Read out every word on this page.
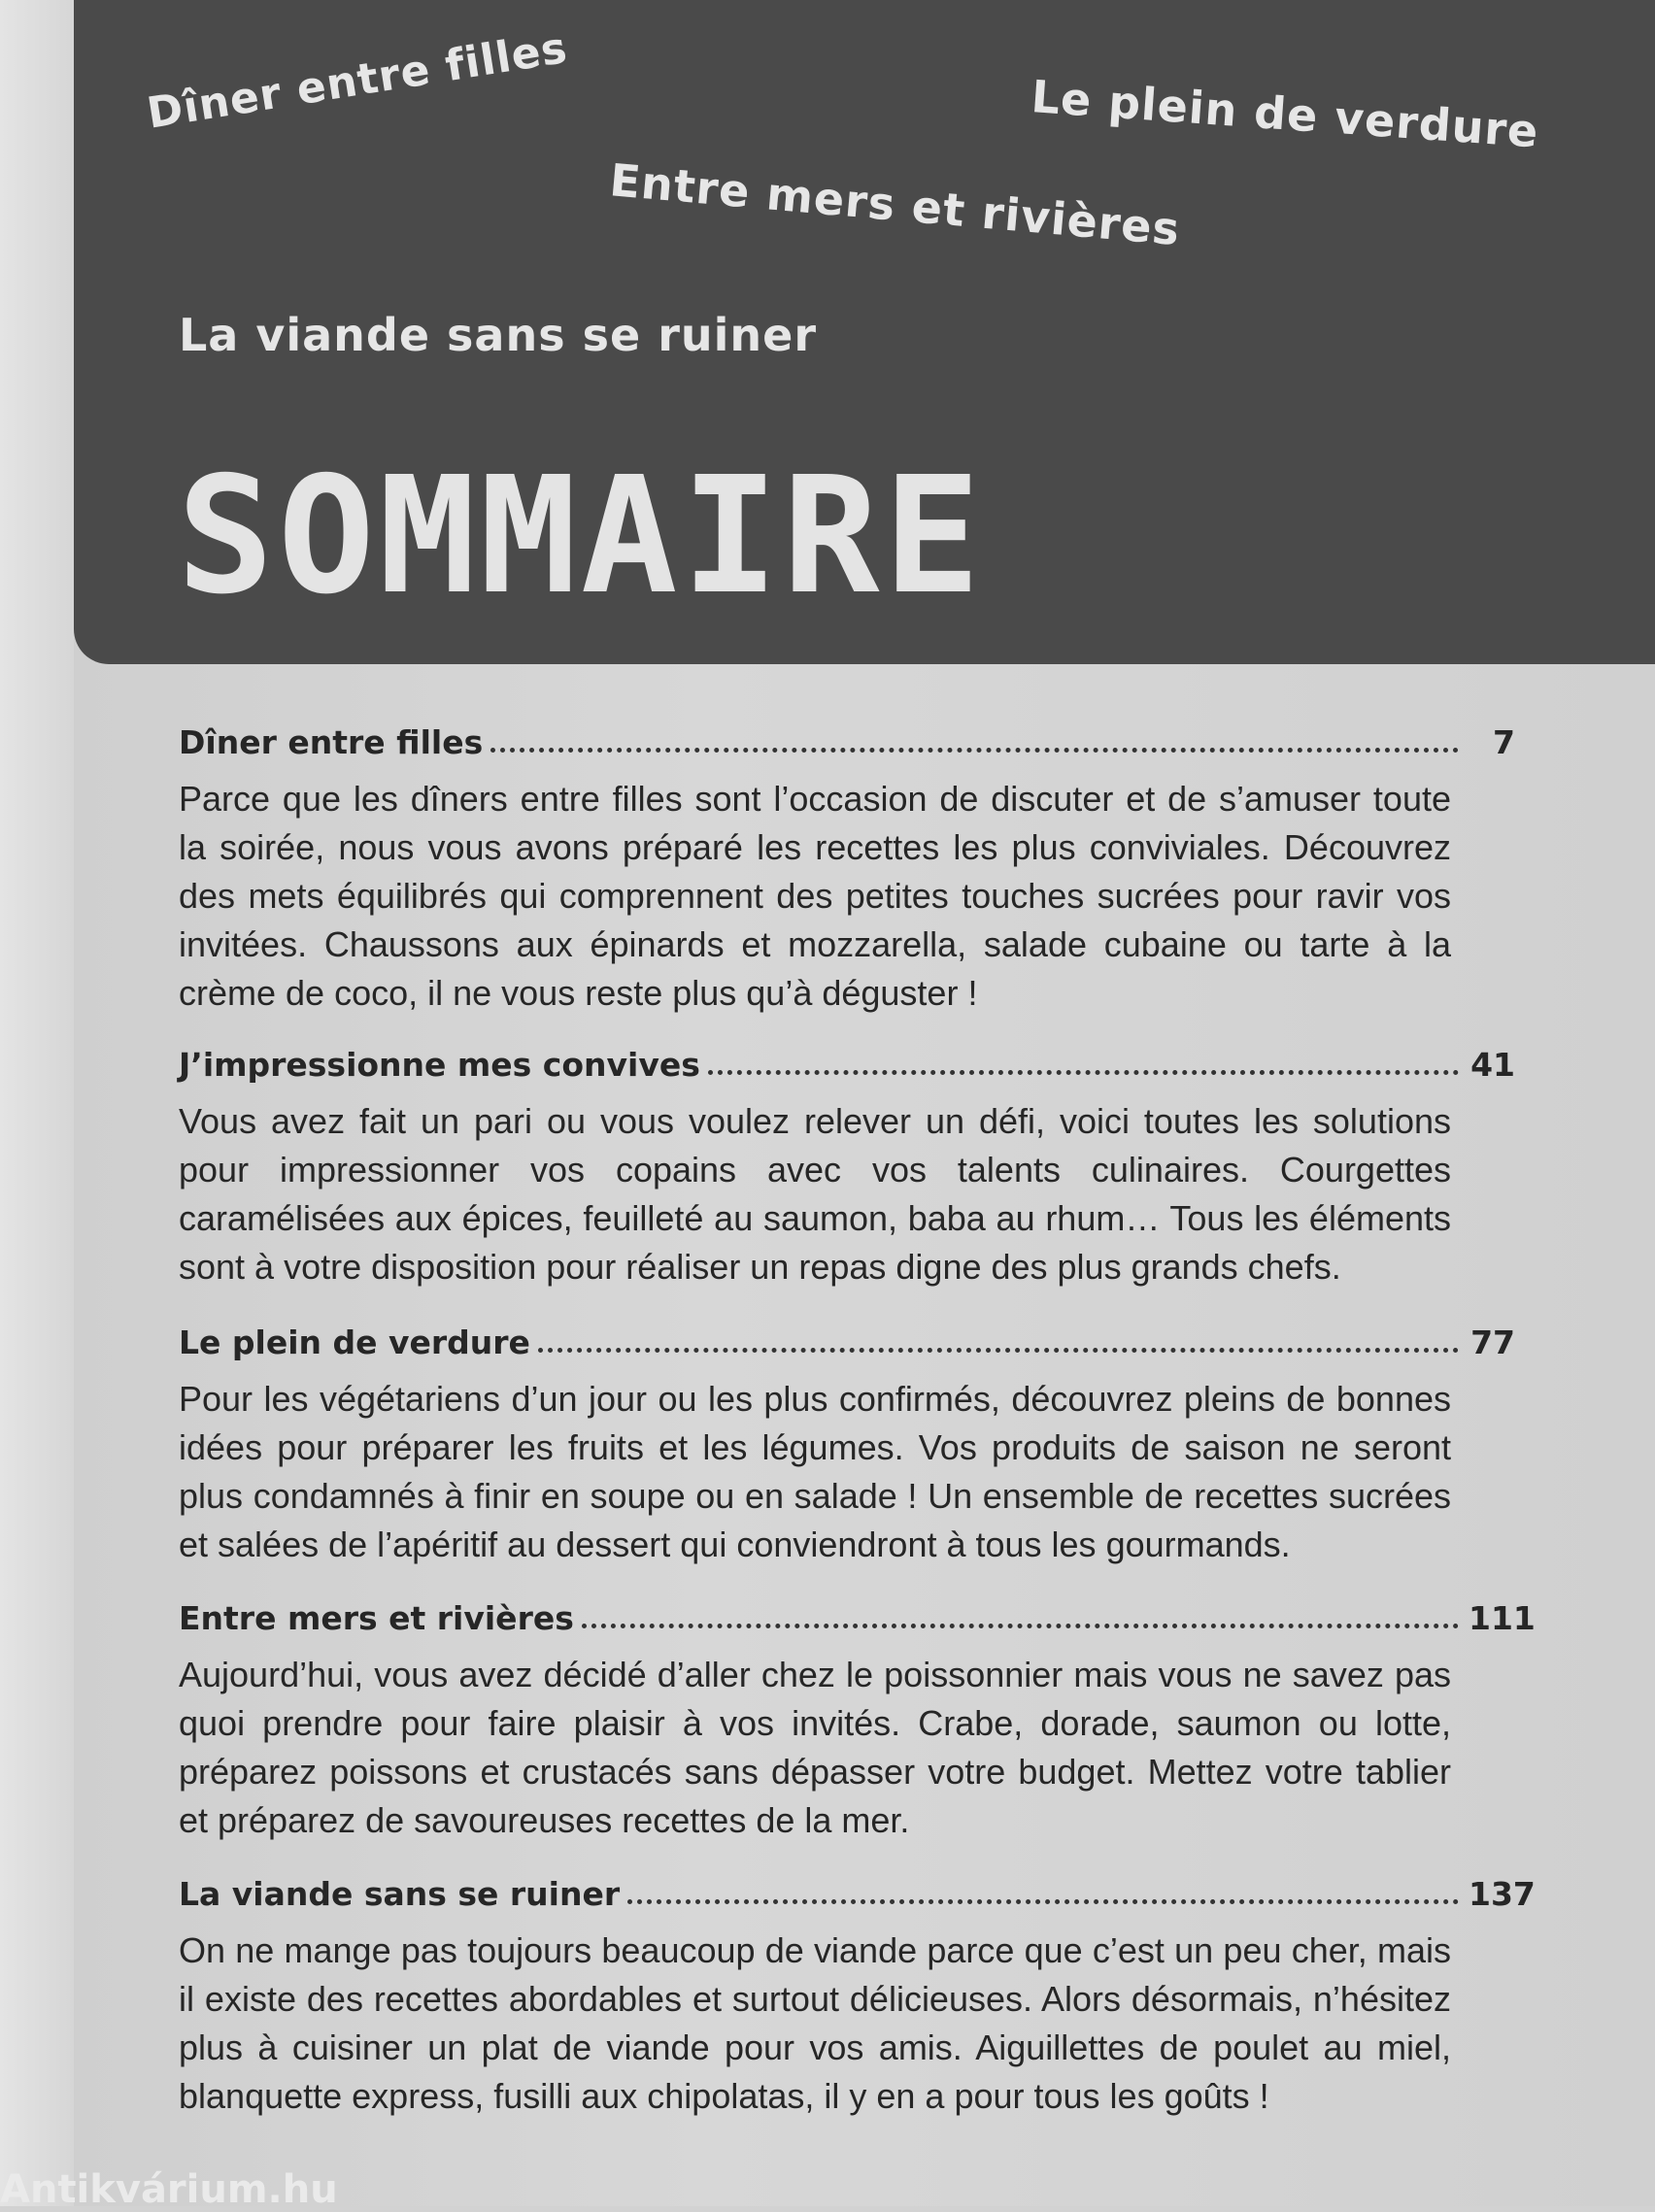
Dîner entre filles	Le plein de verdure
Entre mers et rivières
La viande sans se ruiner
SOMMAIRE
Dîner entre filles	7

Parce que les dîners entre filles sont l’occasion de discuter et de s’amuser toute la soirée, nous vous avons préparé les recettes les plus conviviales. Découvrez des mets équilibrés qui comprennent des petites touches sucrées pour ravir vos invitées. Chaussons aux épinards et mozzarella, salade cubaine ou tarte à la crème de coco, il ne vous reste plus qu’à déguster !

J’impressionne mes convives	41

Vous avez fait un pari ou vous voulez relever un défi, voici toutes les solutions pour impressionner vos copains avec vos talents culinaires. Courgettes caramélisées aux épices, feuilleté au saumon, baba au rhum… Tous les éléments sont à votre disposition pour réaliser un repas digne des plus grands chefs.

Le plein de verdure	77

Pour les végétariens d’un jour ou les plus confirmés, découvrez pleins de bonnes idées pour préparer les fruits et les légumes. Vos produits de saison ne seront plus condamnés à finir en soupe ou en salade ! Un ensemble de recettes sucrées et salées de l’apéritif au dessert qui conviendront à tous les gourmands.

Entre mers et rivières	111

Aujourd’hui, vous avez décidé d’aller chez le poissonnier mais vous ne savez pas quoi prendre pour faire plaisir à vos invités. Crabe, dorade, saumon ou lotte, préparez poissons et crustacés sans dépasser votre budget. Mettez votre tablier et préparez de savoureuses recettes de la mer.

La viande sans se ruiner	137

On ne mange pas toujours beaucoup de viande parce que c’est un peu cher, mais il existe des recettes abordables et surtout délicieuses. Alors désormais, n’hésitez plus à cuisiner un plat de viande pour vos amis. Aiguillettes de poulet au miel, blanquette express, fusilli aux chipolatas, il y en a pour tous les goûts !

Antikvárium.hu
